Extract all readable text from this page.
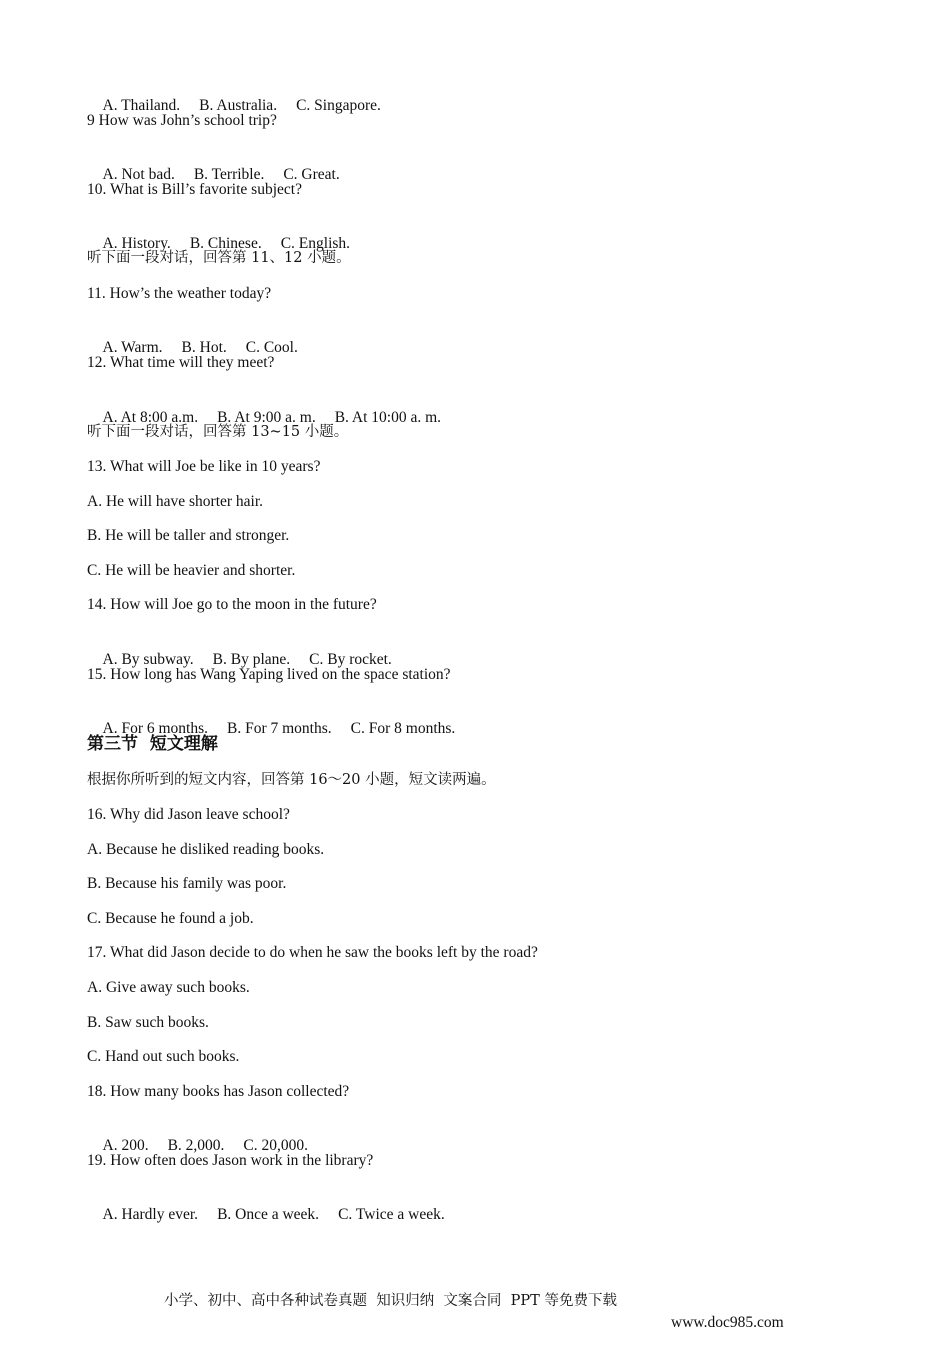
A. Thailand. B. Australia. C. Singapore.

9 How was John’s school trip?

A. Not bad. B. Terrible. C. Great.

10. What is Bill’s favorite subject?

A. History. B. Chinese. C. English.

听下面一段对话，回答第 11、12 小题。

11. How’s the weather today?

A. Warm. B. Hot. C. Cool.

12. What time will they meet?

A. At 8:00 a.m. B. At 9:00 a. m. B. At 10:00 a. m.

听下面一段对话，回答第 13~15 小题。

13. What will Joe be like in 10 years?

A. He will have shorter hair.

B. He will be taller and stronger.

C. He will be heavier and shorter.

14. How will Joe go to the moon in the future?

A. By subway. B. By plane. C. By rocket.

15. How long has Wang Yaping lived on the space station?

A. For 6 months. B. For 7 months. C. For 8 months.

第三节  短文理解

根据你所听到的短文内容，回答第 16～20 小题，短文读两遍。

16. Why did Jason leave school?

A. Because he disliked reading books.

B. Because his family was poor.

C. Because he found a job.

17. What did Jason decide to do when he saw the books left by the road?

A. Give away such books.

B. Saw such books.

C. Hand out such books.

18. How many books has Jason collected?

A. 200. B. 2,000. C. 20,000.

19. How often does Jason work in the library?

A. Hardly ever. B. Once a week. C. Twice a week.

小学、初中、高中各种试卷真题  知识归纳  文案合同  PPT 等免费下载

www.doc985.com
